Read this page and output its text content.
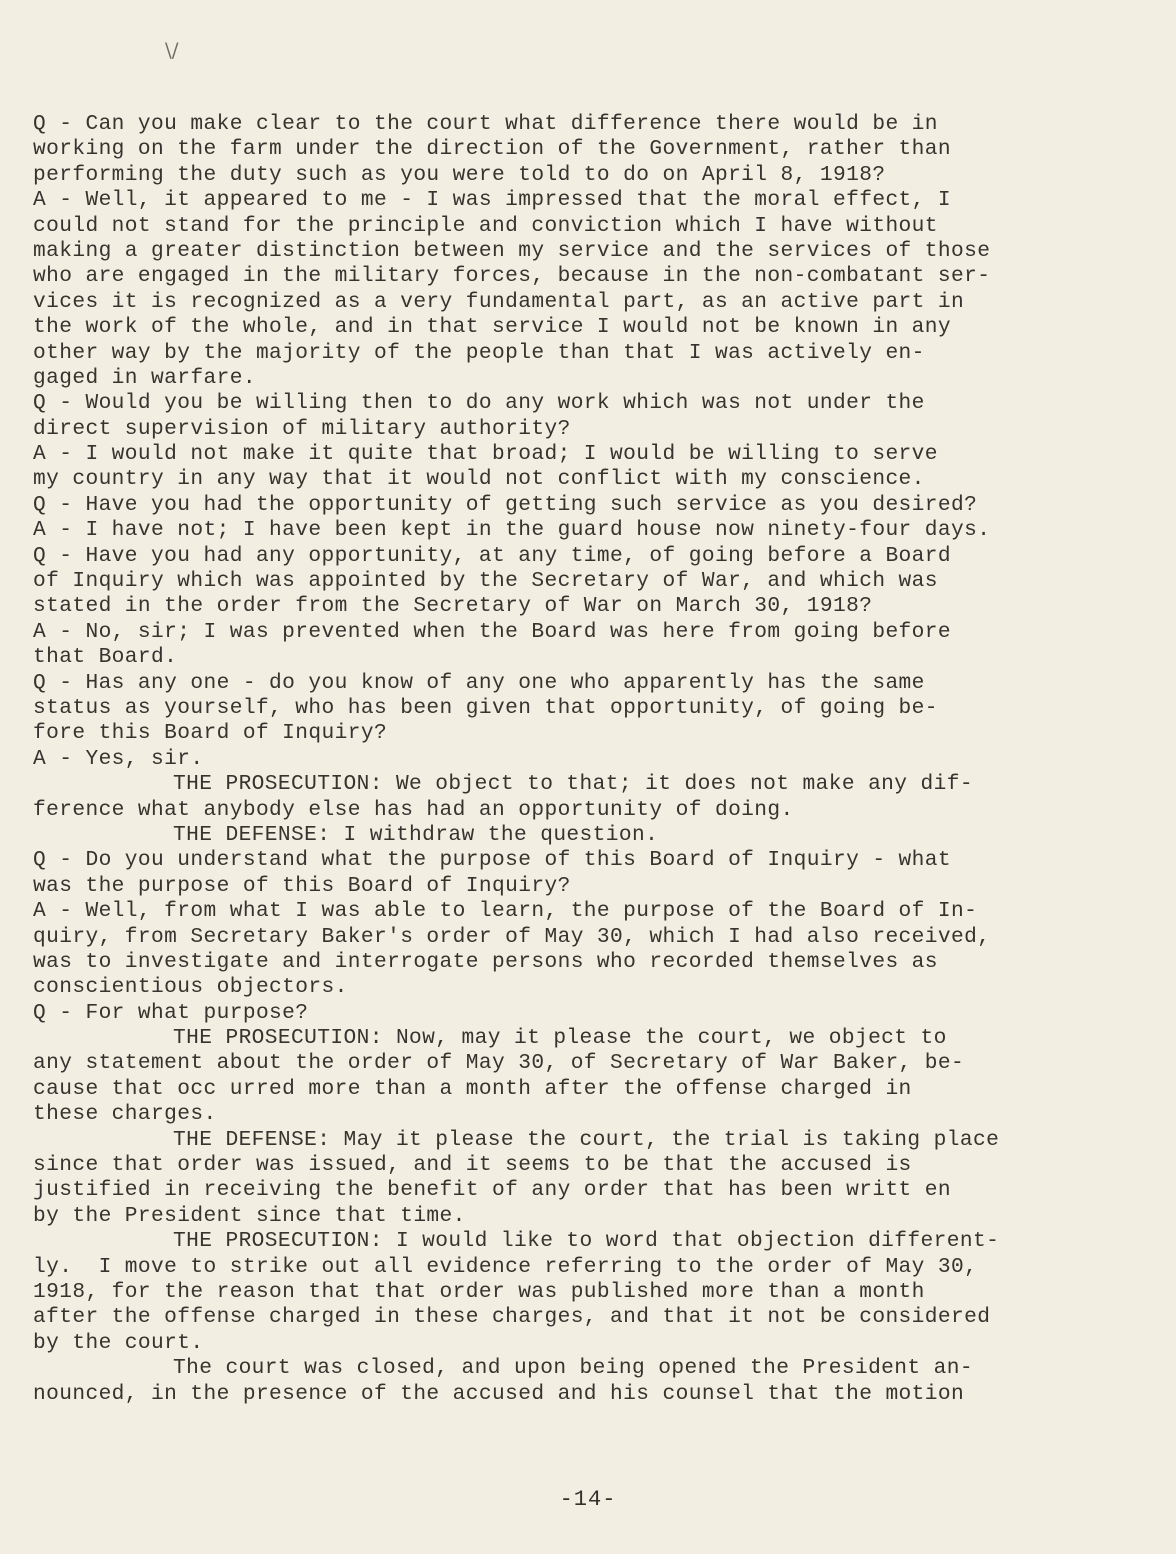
\/
Q - Can you make clear to the court what difference there would be in
working on the farm under the direction of the Government, rather than
performing the duty such as you were told to do on April 8, 1918?
A - Well, it appeared to me - I was impressed that the moral effect, I
could not stand for the principle and conviction which I have without
making a greater distinction between my service and the services of those
who are engaged in the military forces, because in the non-combatant ser-
vices it is recognized as a very fundamental part, as an active part in
the work of the whole, and in that service I would not be known in any
other way by the majority of the people than that I was actively en-
gaged in warfare.
Q - Would you be willing then to do any work which was not under the
direct supervision of military authority?
A - I would not make it quite that broad; I would be willing to serve
my country in any way that it would not conflict with my conscience.
Q - Have you had the opportunity of getting such service as you desired?
A - I have not; I have been kept in the guard house now ninety-four days.
Q - Have you had any opportunity, at any time, of going before a Board
of Inquiry which was appointed by the Secretary of War, and which was
stated in the order from the Secretary of War on March 30, 1918?
A - No, sir; I was prevented when the Board was here from going before
that Board.
Q - Has any one - do you know of any one who apparently has the same
status as yourself, who has been given that opportunity, of going be-
fore this Board of Inquiry?
A - Yes, sir.
THE PROSECUTION: We object to that; it does not make any dif-
ference what anybody else has had an opportunity of doing.
THE DEFENSE: I withdraw the question.
Q - Do you understand what the purpose of this Board of Inquiry - what
was the purpose of this Board of Inquiry?
A - Well, from what I was able to learn, the purpose of the Board of In-
quiry, from Secretary Baker's order of May 30, which I had also received,
was to investigate and interrogate persons who recorded themselves as
conscientious objectors.
Q - For what purpose?
THE PROSECUTION: Now, may it please the court, we object to
any statement about the order of May 30, of Secretary of War Baker, be-
cause that occ urred more than a month after the offense charged in
these charges.
THE DEFENSE: May it please the court, the trial is taking place
since that order was issued, and it seems to be that the accused is
justified in receiving the benefit of any order that has been writt en
by the President since that time.
THE PROSECUTION: I would like to word that objection different-
ly.  I move to strike out all evidence referring to the order of May 30,
1918, for the reason that that order was published more than a month
after the offense charged in these charges, and that it not be considered
by the court.
The court was closed, and upon being opened the President an-
nounced, in the presence of the accused and his counsel that the motion
-14-
